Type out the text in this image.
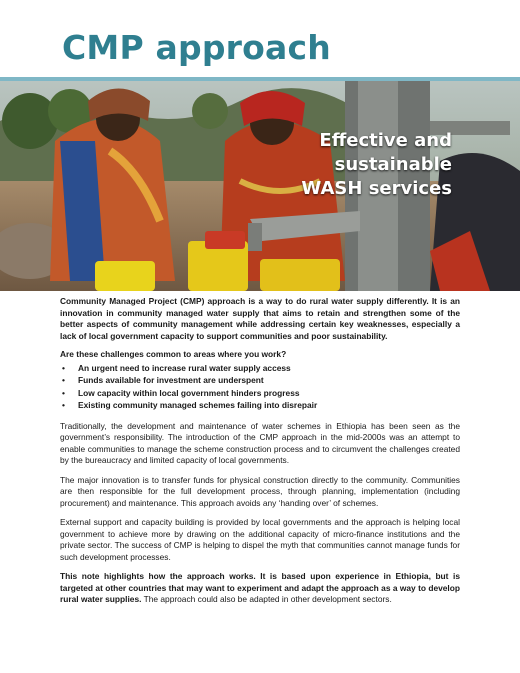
CMP approach
Effective and
sustainable
WASH services

Community Managed Project (CMP) approach is a way to do rural water supply differently. It is an innovation in community managed water supply that aims to retain and strengthen some of the better aspects of community management while addressing certain key weaknesses, especially a lack of local government capacity to support communities and poor sustainability.

Are these challenges common to areas where you work?

• An urgent need to increase rural water supply access
• Funds available for investment are underspent
• Low capacity within local government hinders progress
• Existing community managed schemes failing into disrepair

Traditionally, the development and maintenance of water schemes in Ethiopia has been seen as the government’s responsibility. The introduction of the CMP approach in the mid-2000s was an attempt to enable communities to manage the scheme construction process and to circumvent the challenges created by the bureaucracy and limited capacity of local governments.

The major innovation is to transfer funds for physical construction directly to the community. Communities are then responsible for the full development process, through planning, implementation (including procurement) and maintenance. This approach avoids any ‘handing over’ of schemes.

External support and capacity building is provided by local governments and the approach is helping local government to achieve more by drawing on the additional capacity of micro-finance institutions and the private sector. The success of CMP is helping to dispel the myth that communities cannot manage funds for such development processes.

This note highlights how the approach works. It is based upon experience in Ethiopia, but is targeted at other countries that may want to experiment and adapt the approach as a way to develop rural water supplies. The approach could also be adapted in other development sectors.
